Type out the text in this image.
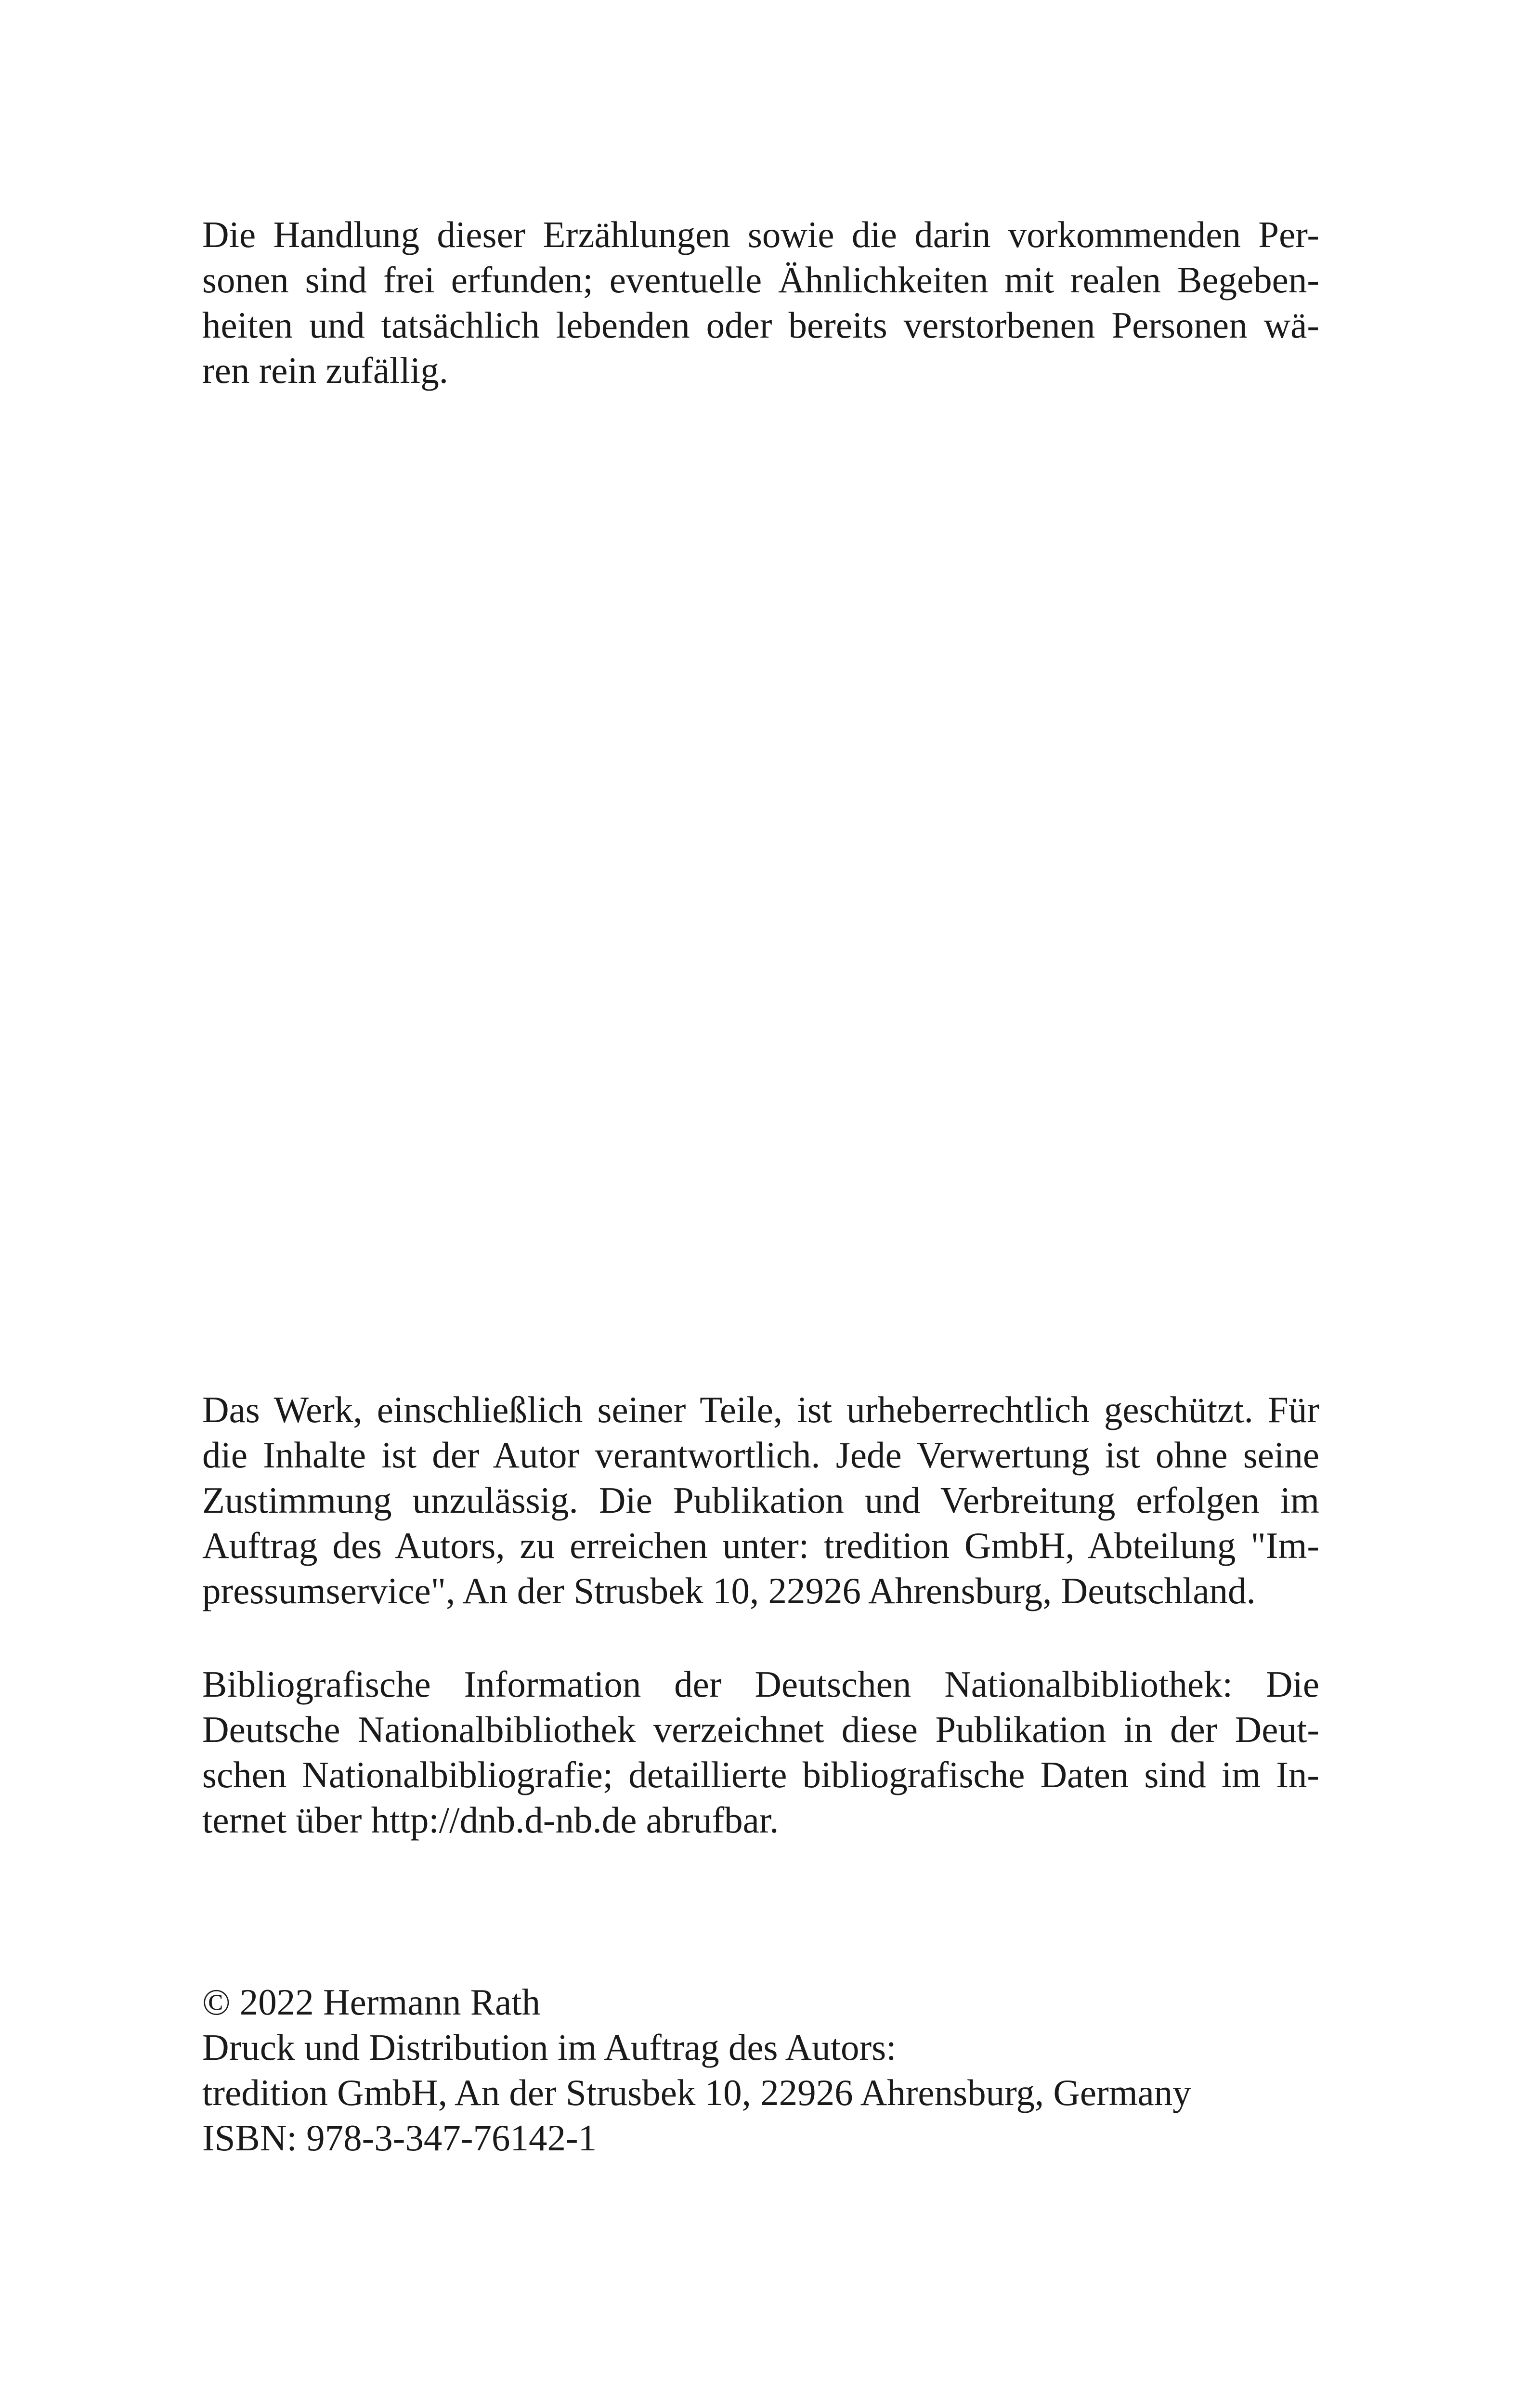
Die Handlung dieser Erzählungen sowie die darin vorkommenden Per-
sonen sind frei erfunden; eventuelle Ähnlichkeiten mit realen Begeben-
heiten und tatsächlich lebenden oder bereits verstorbenen Personen wä-
ren rein zufällig.

Das Werk, einschließlich seiner Teile, ist urheberrechtlich geschützt. Für
die Inhalte ist der Autor verantwortlich. Jede Verwertung ist ohne seine
Zustimmung unzulässig. Die Publikation und Verbreitung erfolgen im
Auftrag des Autors, zu erreichen unter: tredition GmbH, Abteilung "Im-
pressumservice", An der Strusbek 10, 22926 Ahrensburg, Deutschland.

Bibliografische Information der Deutschen Nationalbibliothek: Die
Deutsche Nationalbibliothek verzeichnet diese Publikation in der Deut-
schen Nationalbibliografie; detaillierte bibliografische Daten sind im In-
ternet über http://dnb.d-nb.de abrufbar.

© 2022 Hermann Rath
Druck und Distribution im Auftrag des Autors:
tredition GmbH, An der Strusbek 10, 22926 Ahrensburg, Germany
ISBN: 978-3-347-76142-1
